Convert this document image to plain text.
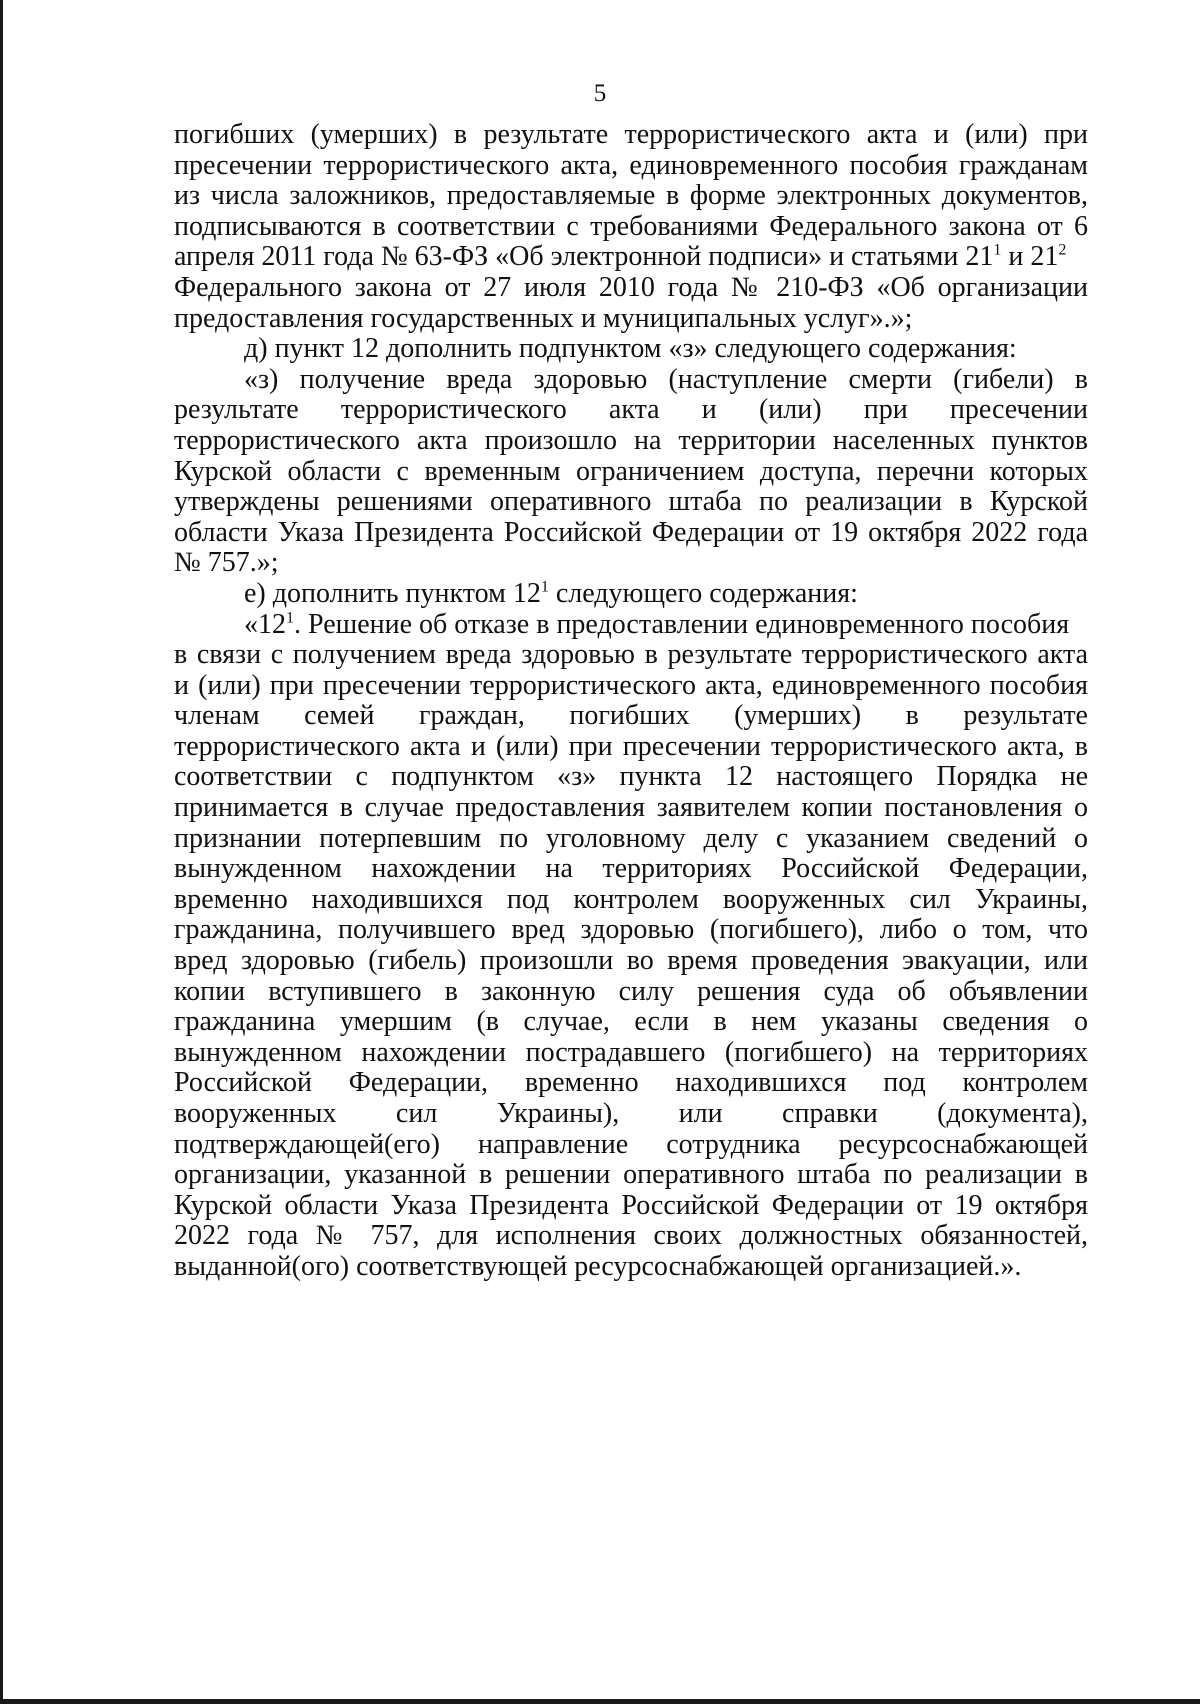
5
погибших (умерших) в результате террористического акта и (или) при
пресечении террористического акта, единовременного пособия гражданам
из числа заложников, предоставляемые в форме электронных документов,
подписываются в соответствии с требованиями Федерального закона от 6
апреля 2011 года № 63-ФЗ «Об электронной подписи» и статьями $21^1$ и $21^2$
Федерального закона от 27 июля 2010 года № 210-ФЗ «Об организации
предоставления государственных и муниципальных услуг».»;
д) пункт 12 дополнить подпунктом «з» следующего содержания:
«з) получение вреда здоровью (наступление смерти (гибели) в
результате террористического акта и (или) при пресечении
террористического акта произошло на территории населенных пунктов
Курской области с временным ограничением доступа, перечни которых
утверждены решениями оперативного штаба по реализации в Курской
области Указа Президента Российской Федерации от 19 октября 2022 года
№ 757.»;
е) дополнить пунктом $12^1$ следующего содержания:
«$12^1$. Решение об отказе в предоставлении единовременного пособия
в связи с получением вреда здоровью в результате террористического акта
и (или) при пресечении террористического акта, единовременного пособия
членам семей граждан, погибших (умерших) в результате
террористического акта и (или) при пресечении террористического акта, в
соответствии с подпунктом «з» пункта 12 настоящего Порядка не
принимается в случае предоставления заявителем копии постановления о
признании потерпевшим по уголовному делу с указанием сведений о
вынужденном нахождении на территориях Российской Федерации,
временно находившихся под контролем вооруженных сил Украины,
гражданина, получившего вред здоровью (погибшего), либо о том, что
вред здоровью (гибель) произошли во время проведения эвакуации, или
копии вступившего в законную силу решения суда об объявлении
гражданина умершим (в случае, если в нем указаны сведения о
вынужденном нахождении пострадавшего (погибшего) на территориях
Российской Федерации, временно находившихся под контролем
вооруженных сил Украины), или справки (документа),
подтверждающей(его) направление сотрудника ресурсоснабжающей
организации, указанной в решении оперативного штаба по реализации в
Курской области Указа Президента Российской Федерации от 19 октября
2022 года № 757, для исполнения своих должностных обязанностей,
выданной(ого) соответствующей ресурсоснабжающей организацией.».
